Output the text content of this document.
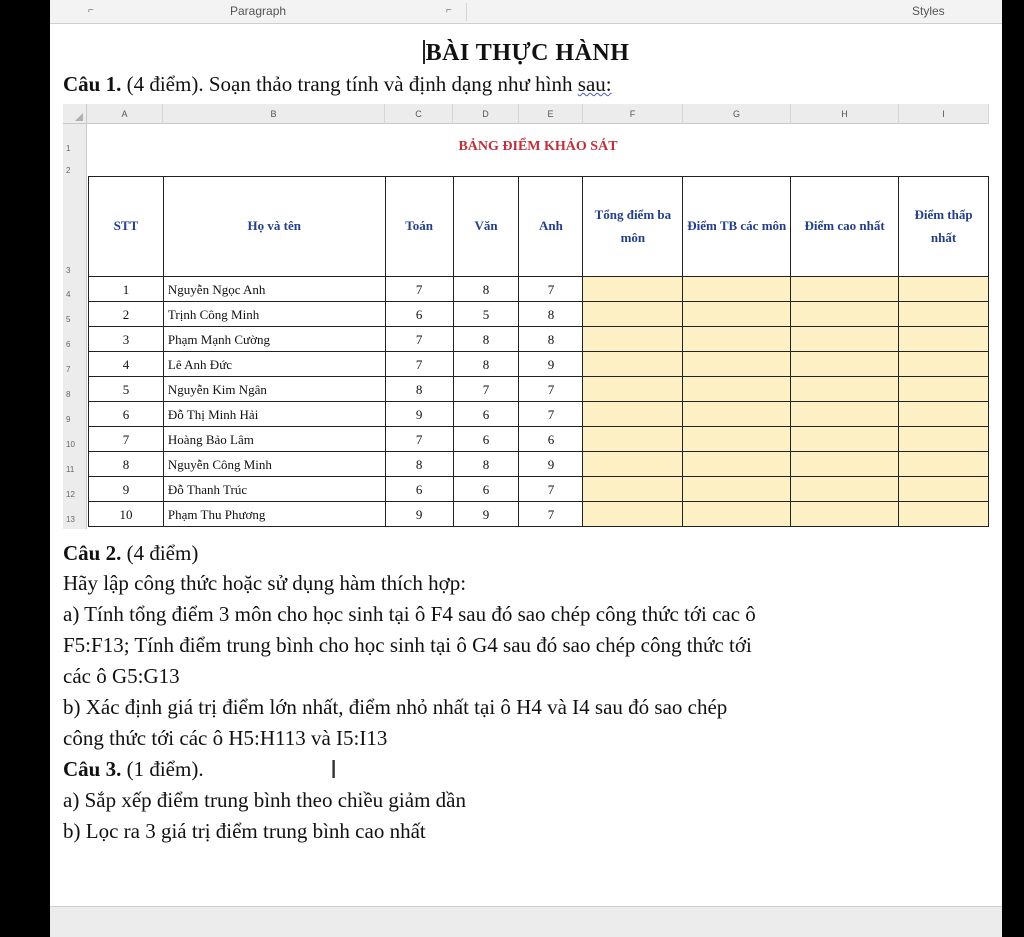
⌐	Paragraph	⌐	Styles
BÀI THỰC HÀNH
Câu 1. (4 điểm). Soạn thảo trang tính và định dạng như hình sau:
A	B	C	D	E	F	G	H	I
1
2
3
4
5
6
7
8
9
10
11
12
13
BẢNG ĐIỂM KHẢO SÁT
STT	Họ và tên	Toán	Văn	Anh	Tổng điểm ba môn	Điểm TB các môn	Điểm cao nhất	Điểm thấp nhất
1	Nguyễn Ngọc Anh	7	8	7				
2	Trịnh Công Minh	6	5	8				
3	Phạm Mạnh Cường	7	8	8				
4	Lê Anh Đức	7	8	9				
5	Nguyễn Kim Ngân	8	7	7				
6	Đỗ Thị Minh Hải	9	6	7				
7	Hoàng Bảo Lâm	7	6	6				
8	Nguyễn Công Minh	8	8	9				
9	Đỗ Thanh Trúc	6	6	7				
10	Phạm Thu Phương	9	9	7				
Câu 2. (4 điểm)
Hãy lập công thức hoặc sử dụng hàm thích hợp:
a) Tính tổng điểm 3 môn cho học sinh tại ô F4 sau đó sao chép công thức tới cac ô
F5:F13; Tính điểm trung bình cho học sinh tại ô G4 sau đó sao chép công thức tới
các ô G5:G13
b) Xác định giá trị điểm lớn nhất, điểm nhỏ nhất tại ô H4 và I4 sau đó sao chép
công thức tới các ô H5:H113 và I5:I13
Câu 3. (1 điểm).
a) Sắp xếp điểm trung bình theo chiều giảm dần
b) Lọc ra 3 giá trị điểm trung bình cao nhất
I
